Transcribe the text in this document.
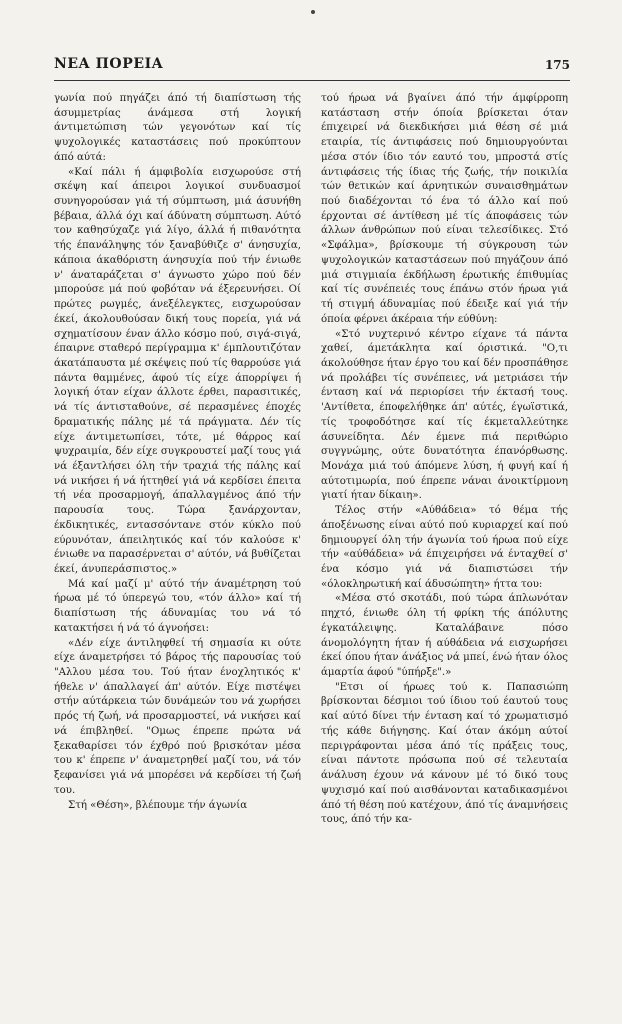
ΝΕΑ ΠΟΡΕΙΑ	175

γωνία πού πηγάζει άπό τή διαπίστωση τής άσυμμετρίας άνάμεσα στή λογική άντιμετώπιση τών γεγονότων καί τίς ψυχολογικές καταστάσεις πού προκύπτουν άπό αύτά:

«Καί πάλι ή άμφιβολία εισχωρούσε στή σκέψη καί άπειροι λογικοί συνδυασμοί συνηγορούσαν γιά τή σύμπτωση, μιά άσυνήθη βέβαια, άλλά όχι καί άδύνατη σύμπτωση. Αύτό τον καθησύχαζε γιά λίγο, άλλά ή πιθανότητα τής έπανάληψης τόν ξαναβύθιζε σ' άνησυχία, κάποια άκαθόριστη άνησυχία πού τήν ένιωθε ν' άναταράζεται σ' άγνωστο χώρο πού δέν μπορούσε μά πού φοβόταν νά έξερευνήσει. Οί πρώτες ρωγμές, άνεξέλεγκτες, εισχωρούσαν έκεί, άκολουθούσαν δική τους πορεία, γιά νά σχηματίσουν έναν άλλο κόσμο πού, σιγά-σιγά, έπαιρνε σταθερό περίγραμμα κ' έμπλουτιζόταν άκατάπαυστα μέ σκέψεις πού τίς θαρρούσε γιά πάντα θαμμένες, άφού τίς είχε άπορρίψει ή λογική όταν είχαν άλλοτε έρθει, παρασιτικές, νά τίς άντισταθούνε, σέ περασμένες έποχές δραματικής πάλης μέ τά πράγματα. Δέν τίς είχε άντιμετωπίσει, τότε, μέ θάρρος καί ψυχραιμία, δέν είχε συγκρουστεί μαζί τους γιά νά έξαντλήσει όλη τήν τραχιά τής πάλης καί νά νικήσει ή νά ήττηθεί γιά νά κερδίσει έπειτα τή νέα προσαρμογή, άπαλλαγμένος άπό τήν παρουσία τους. Τώρα ξανάρχονταν, έκδικητικές, εντασσόντανε στόν κύκλο πού εύρυνόταν, άπειλητικός καί τόν καλούσε κ' ένιωθε να παρασέρνεται σ' αύτόν, νά βυθίζεται έκεί, άνυπεράσπιστος.»

Μά καί μαζί μ' αύτό τήν άναμέτρηση τού ήρωα μέ τό ύπερεγώ του, «τόν άλλο» καί τή διαπίστωση τής άδυναμίας του νά τό κατακτήσει ή νά τό άγνοήσει:

«Δέν είχε άντιληφθεί τή σημασία κι ούτε είχε άναμετρήσει τό βάρος τής παρουσίας τού "Αλλου μέσα του. Τού ήταν ένοχλητικός κ' ήθελε ν' άπαλλαγεί άπ' αύτόν. Είχε πιστέψει στήν αύτάρκεια τών δυνάμεών του νά χωρήσει πρός τή ζωή, νά προσαρμοστεί, νά νικήσει καί νά έπιβληθεί. "Ομως έπρεπε πρώτα νά ξεκαθαρίσει τόν έχθρό πού βρισκόταν μέσα του κ' έπρεπε ν' άναμετρηθεί μαζί του, νά τόν ξεφανίσει γιά νά μπορέσει νά κερδίσει τή ζωή του.

Στή «Θέση», βλέπουμε τήν άγωνία

τού ήρωα νά βγαίνει άπό τήν άμφίρροπη κατάσταση στήν όποία βρίσκεται όταν έπιχειρεί νά διεκδικήσει μιά θέση σέ μιά εταιρία, τίς άντιφάσεις πού δημιουργούνται μέσα στόν ίδιο τόν εαυτό του, μπροστά στίς άντιφάσεις τής ίδιας τής ζωής, τήν ποικιλία τών θετικών καί άρνητικών συναισθημάτων πού διαδέχονται τό ένα τό άλλο καί πού έρχονται σέ άντίθεση μέ τίς άποφάσεις τών άλλων άνθρώπων πού είναι τελεσίδικες. Στό «Σφάλμα», βρίσκουμε τή σύγκρουση τών ψυχολογικών καταστάσεων πού πηγάζουν άπό μιά στιγμιαία έκδήλωση έρωτικής έπιθυμίας καί τίς συνέπειές τους έπάνω στόν ήρωα γιά τή στιγμή άδυναμίας πού έδειξε καί γιά τήν όποία φέρνει άκέραια τήν εύθύνη:

«Στό νυχτερινό κέντρο είχανε τά πάντα χαθεί, άμετάκλητα καί όριστικά. "Ο,τι άκολούθησε ήταν έργο του καί δέν προσπάθησε νά προλάβει τίς συνέπειες, νά μετριάσει τήν ένταση καί νά περιορίσει τήν έκτασή τους. 'Αντίθετα, έποφελήθηκε άπ' αύτές, έγωϊστικά, τίς τροφοδότησε καί τίς έκμεταλλεύτηκε άσυνείδητα. Δέν έμενε πιά περιθώριο συγγνώμης, ούτε δυνατότητα έπανόρθωσης. Μονάχα μιά τού άπόμενε λύση, ή φυγή καί ή αύτοτιμωρία, πού έπρεπε νάναι άνοικτίρμονη γιατί ήταν δίκαιη».

Τέλος στήν «Αύθάδεια» τό θέμα τής άποξένωσης είναι αύτό πού κυριαρχεί καί πού δημιουργεί όλη τήν άγωνία τού ήρωα πού είχε τήν «αύθάδεια» νά έπιχειρήσει νά ένταχθεί σ' ένα κόσμο γιά νά διαπιστώσει τήν «όλοκληρωτική καί άδυσώπητη» ήττα του:

«Μέσα στό σκοτάδι, πού τώρα άπλωνόταν πηχτό, ένιωθε όλη τή φρίκη τής άπόλυτης έγκατάλειψης. Καταλάβαινε πόσο άνομολόγητη ήταν ή αύθάδεια νά εισχωρήσει έκεί όπου ήταν άνάξιος νά μπεί, ένώ ήταν όλος άμαρτία άφού "ύπήρξε".»

"Ετσι οί ήρωες τού κ. Παπασιώπη βρίσκονται δέσμιοι τού ίδιου τού έαυτού τους καί αύτό δίνει τήν ένταση καί τό χρωματισμό τής κάθε διήγησης. Καί όταν άκόμη αύτοί περιγράφονται μέσα άπό τίς πράξεις τους, είναι πάντοτε πρόσωπα πού σέ τελευταία άνάλυση έχουν νά κάνουν μέ τό δικό τους ψυχισμό καί πού αισθάνονται καταδικασμένοι άπό τή θέση πού κατέχουν, άπό τίς άναμνήσεις τους, άπό τήν κα-
